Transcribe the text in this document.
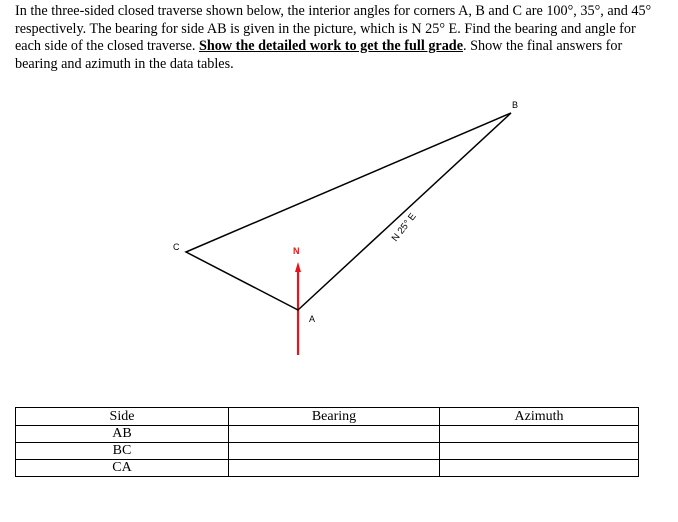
In the three-sided closed traverse shown below, the interior angles for corners A, B and C are 100°, 35°, and 45° respectively. The bearing for side AB is given in the picture, which is N 25° E. Find the bearing and angle for each side of the closed traverse. Show the detailed work to get the full grade. Show the final answers for bearing and azimuth in the data tables.
N
A
B
C
N 25° E
Side	Bearing	Azimuth
AB		
BC		
CA		
